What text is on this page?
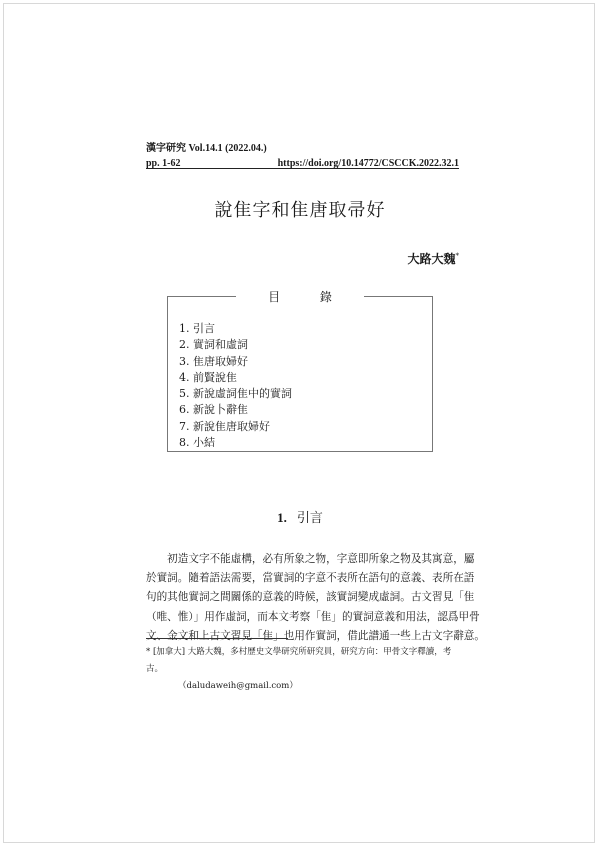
漢字研究 Vol.14.1 (2022.04.)
pp. 1-62	https://doi.org/10.14772/CSCCK.2022.32.1
說隹字和隹唐取帚好
大路大魏*
目 錄
1. 引言
2. 實詞和虛詞
3. 隹唐取婦好
4. 前賢說隹
5. 新說虛詞隹中的實詞
6. 新說卜辭隹
7. 新說隹唐取婦好
8. 小結
1. 引言

　　初造文字不能虛構，必有所象之物，字意即所象之物及其寓意，屬
於實詞。隨着語法需要，當實詞的字意不表所在語句的意義、表所在語
句的其他實詞之間關係的意義的時候，該實詞變成虛詞。古文習見「隹
（唯、惟）」用作虛詞，而本文考察「隹」的實詞意義和用法，認爲甲骨
文、金文和上古文習見「隹」也用作實詞，借此譜通一些上古文字辭意。

* [加拿大] 大路大魏，多村歷史文學研究所研究員，研究方向：甲骨文字釋讀，考古。
（daludaweih@gmail.com）
